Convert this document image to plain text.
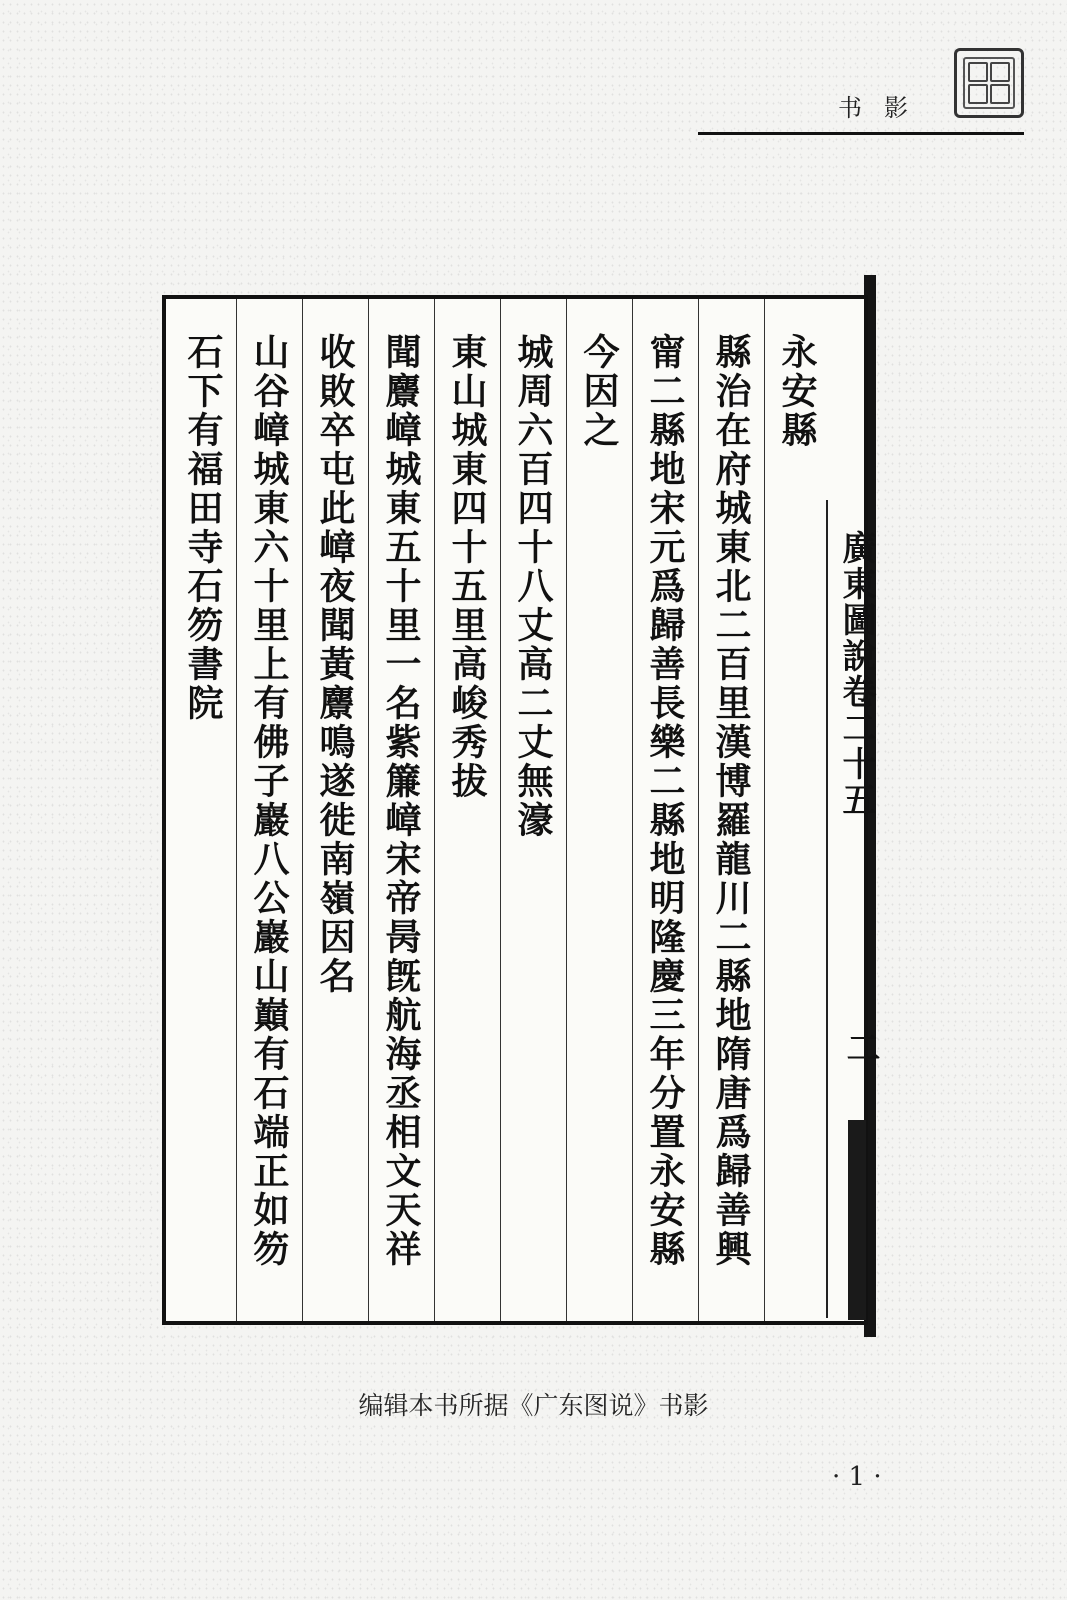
书影
永安縣
縣治在府城東北二百里漢博羅龍川二縣地隋唐爲歸善興
甯二縣地宋元爲歸善長樂二縣地明隆慶三年分置永安縣
今因之
城周六百四十八丈高二丈無濠
東山城東四十五里高峻秀拔
聞麖嶂城東五十里一名紫簾嶂宋帝昺旣航海丞相文天祥
收敗卒屯此嶂夜聞黃麖鳴遂徙南嶺因名
山谷嶂城東六十里上有佛子巖八公巖山巔有石端正如笏
石下有福田寺石笏書院	廣東圖說卷二十五
二
编辑本书所据《广东图说》书影
· 1 ·
